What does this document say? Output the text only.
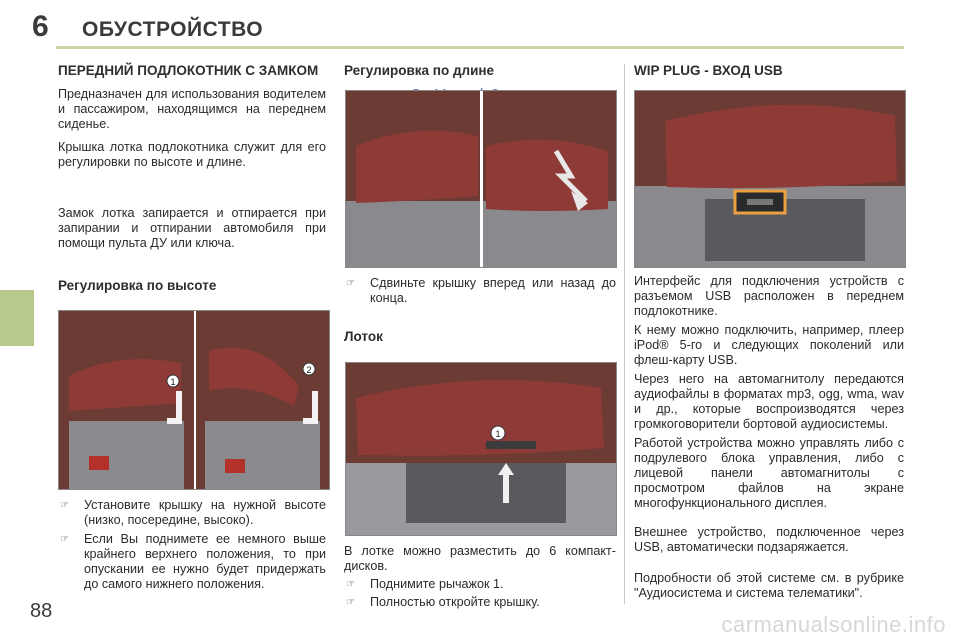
6 ОБУСТРОЙСТВО
88
carmanualsonline.info
ПЕРЕДНИЙ ПОДЛОКОТНИК С ЗАМКОМ

Предназначен для использования водителем и пассажиром, находящимся на переднем сиденье.

Крышка лотка подлокотника служит для его регулировки по высоте и длине.

Замок лотка запирается и отпирается при запирании и отпирании автомобиля при помощи пульта ДУ или ключа.

Регулировка по высоте
1
2
☞	Установите крышку на нужной высоте (низко, посередине, высоко).
☞	Если Вы поднимете ее немного выше крайнего верхнего положения, то при опускании ее нужно будет придержать до самого нижнего положения.
Регулировка по длине
☞	Сдвиньте крышку вперед или назад до конца.
Лоток
1

В лотке можно разместить до 6 компакт-дисков.

☞	Поднимите рычажок 1.
☞	Полностью откройте крышку.
WIP PLUG - ВХОД USB

Интерфейс для подключения устройств с разъемом USB расположен в переднем подлокотнике.

К нему можно подключить, например, плеер iPod® 5-го и следующих поколений или флеш-карту USB.

Через него на автомагнитолу передаются аудиофайлы в форматах mp3, ogg, wma, wav и др., которые воспроизводятся через громкоговорители бортовой аудиосистемы.

Работой устройства можно управлять либо с подрулевого блока управления, либо с лицевой панели автомагнитолы с просмотром файлов на экране многофункционального дисплея.

Внешнее устройство, подключенное через USB, автоматически подзаряжается.

Подробности об этой системе см. в рубрике "Аудиосистема и система телематики".
